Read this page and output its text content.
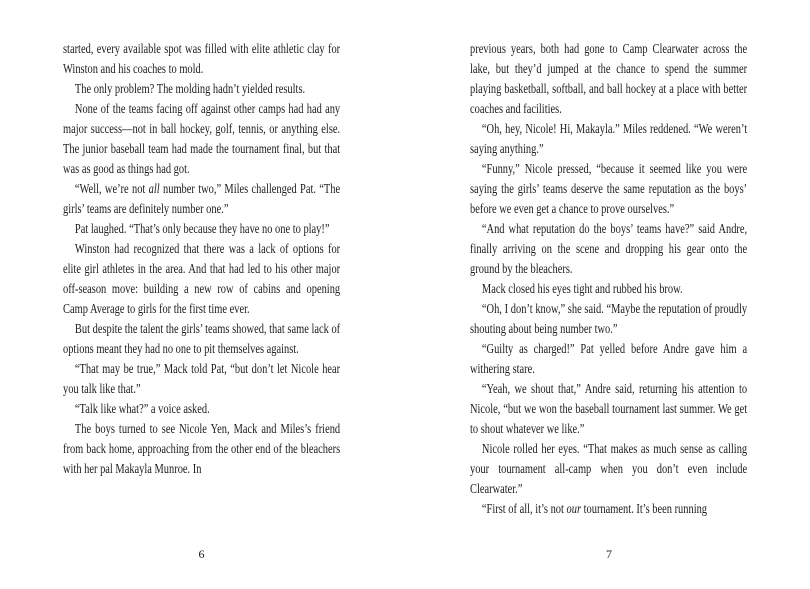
started, every available spot was filled with elite athletic clay for Winston and his coaches to mold.

The only problem? The molding hadn’t yielded results.

None of the teams facing off against other camps had had any major success—not in ball hockey, golf, tennis, or anything else. The junior baseball team had made the tournament final, but that was as good as things had got.

“Well, we’re not all number two,” Miles challenged Pat. “The girls’ teams are definitely number one.”

Pat laughed. “That’s only because they have no one to play!”

Winston had recognized that there was a lack of options for elite girl athletes in the area. And that had led to his other major off-season move: building a new row of cabins and opening Camp Average to girls for the first time ever.

But despite the talent the girls’ teams showed, that same lack of options meant they had no one to pit themselves against.

“That may be true,” Mack told Pat, “but don’t let Nicole hear you talk like that.”

“Talk like what?” a voice asked.

The boys turned to see Nicole Yen, Mack and Miles’s friend from back home, approaching from the other end of the bleachers with her pal Makayla Munroe. In

6

previous years, both had gone to Camp Clearwater across the lake, but they’d jumped at the chance to spend the summer playing basketball, softball, and ball hockey at a place with better coaches and facilities.

“Oh, hey, Nicole! Hi, Makayla.” Miles reddened. “We weren’t saying anything.”

“Funny,” Nicole pressed, “because it seemed like you were saying the girls’ teams deserve the same reputation as the boys’ before we even get a chance to prove ourselves.”

“And what reputation do the boys’ teams have?” said Andre, finally arriving on the scene and dropping his gear onto the ground by the bleachers.

Mack closed his eyes tight and rubbed his brow.

“Oh, I don’t know,” she said. “Maybe the reputation of proudly shouting about being number two.”

“Guilty as charged!” Pat yelled before Andre gave him a withering stare.

“Yeah, we shout that,” Andre said, returning his attention to Nicole, “but we won the baseball tournament last summer. We get to shout whatever we like.”

Nicole rolled her eyes. “That makes as much sense as calling your tournament all-camp when you don’t even include Clearwater.”

“First of all, it’s not our tournament. It’s been running

7
